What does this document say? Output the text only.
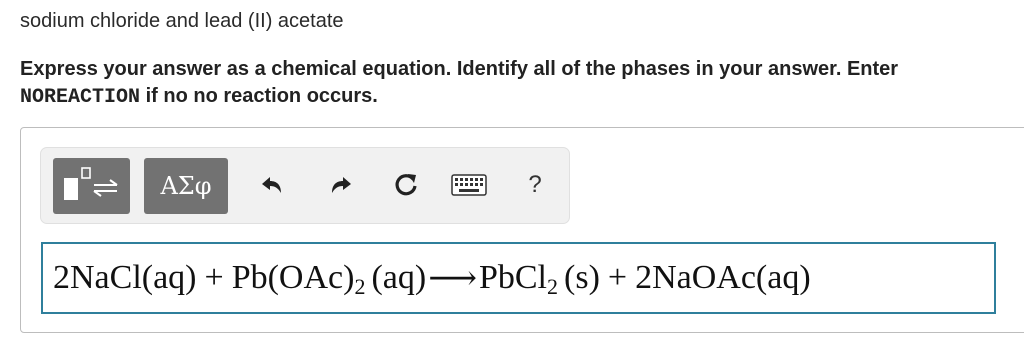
sodium chloride and lead (II) acetate
Express your answer as a chemical equation. Identify all of the phases in your answer. Enter NOREACTION if no no reaction occurs.
ΑΣφ	?
2NaCl(aq) + $Pb(OAc)_2$ (aq) ⟶ PbCl$_2$ (s) + 2NaOAc(aq)
